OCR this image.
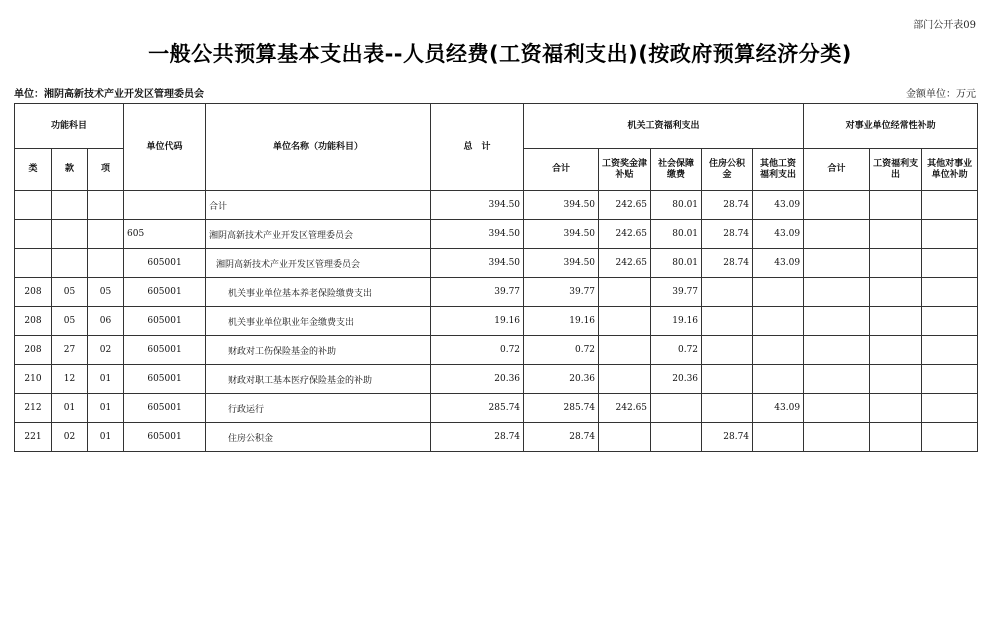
部门公开表09
一般公共预算基本支出表--人员经费(工资福利支出)(按政府预算经济分类)
单位：湘阴高新技术产业开发区管理委员会	金额单位：万元
功能科目			单位代码	单位名称（功能科目）	总　计	机关工资福利支出					对事业单位经常性补助		
类	款	项				合计	工资奖金津补贴	社会保障缴费	住房公积金	其他工资福利支出	合计	工资福利支出	其他对事业单位补助
				合计	394.50	394.50	242.65	80.01	28.74	43.09			
			605	湘阴高新技术产业开发区管理委员会	394.50	394.50	242.65	80.01	28.74	43.09			
			605001	湘阴高新技术产业开发区管理委员会	394.50	394.50	242.65	80.01	28.74	43.09			
208	05	05	605001	机关事业单位基本养老保险缴费支出	39.77	39.77		39.77					
208	05	06	605001	机关事业单位职业年金缴费支出	19.16	19.16		19.16					
208	27	02	605001	财政对工伤保险基金的补助	0.72	0.72		0.72					
210	12	01	605001	财政对职工基本医疗保险基金的补助	20.36	20.36		20.36					
212	01	01	605001	行政运行	285.74	285.74	242.65			43.09			
221	02	01	605001	住房公积金	28.74	28.74			28.74				
